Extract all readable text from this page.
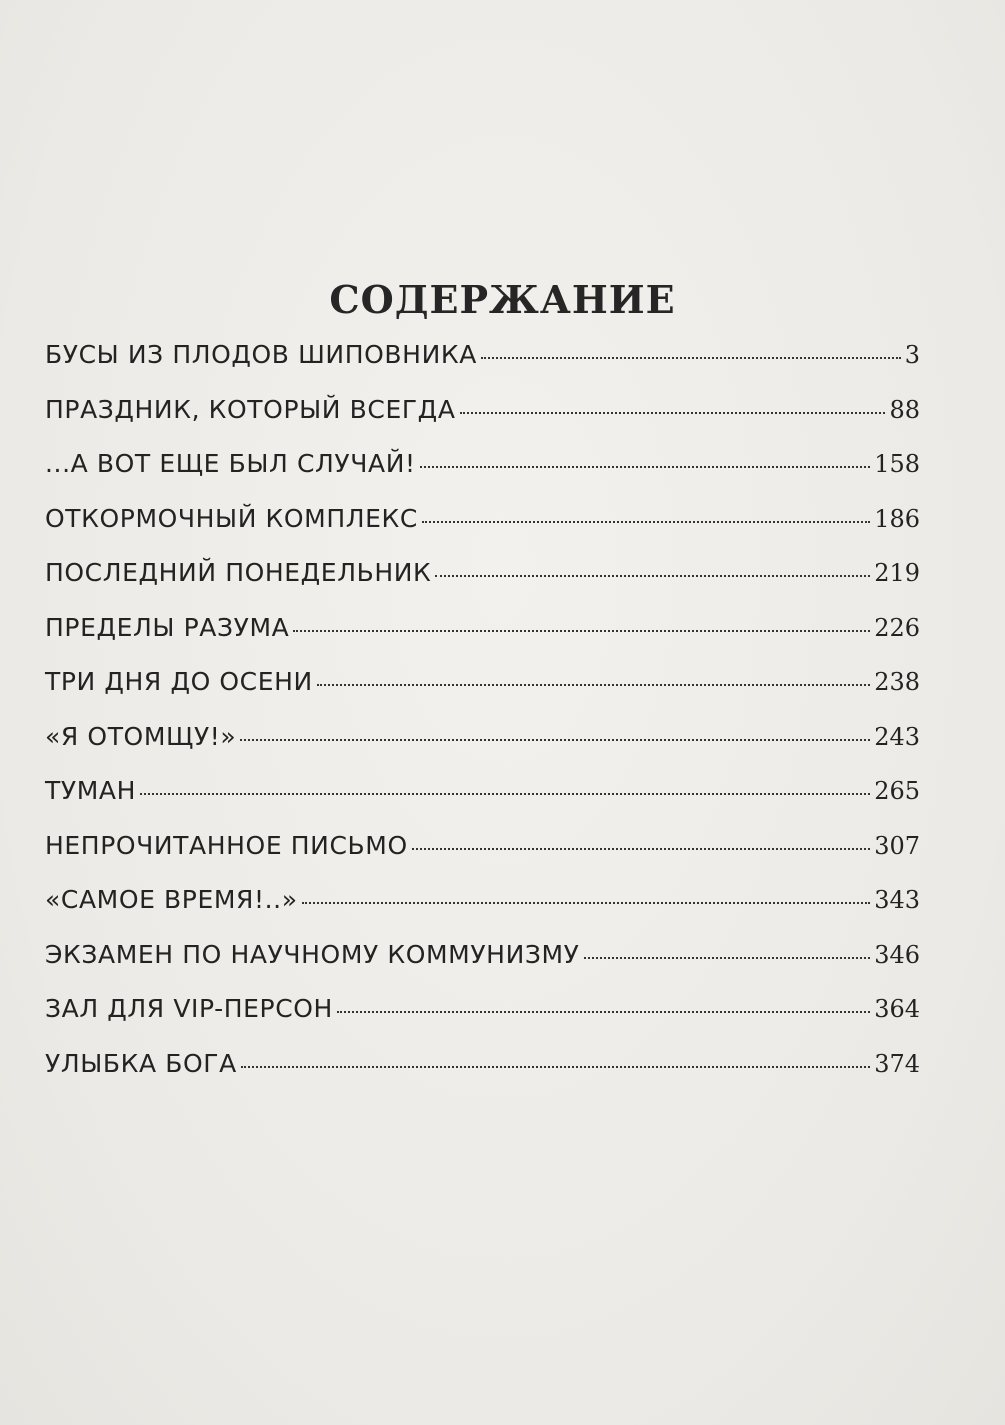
СОДЕРЖАНИЕ
БУСЫ ИЗ ПЛОДОВ ШИПОВНИКА	3
ПРАЗДНИК, КОТОРЫЙ ВСЕГДА	88
...А ВОТ ЕЩЕ БЫЛ СЛУЧАЙ!	158
ОТКОРМОЧНЫЙ КОМПЛЕКС	186
ПОСЛЕДНИЙ ПОНЕДЕЛЬНИК	219
ПРЕДЕЛЫ РАЗУМА	226
ТРИ ДНЯ ДО ОСЕНИ	238
«Я ОТОМЩУ!»	243
ТУМАН	265
НЕПРОЧИТАННОЕ ПИСЬМО	307
«САМОЕ ВРЕМЯ!..»	343
ЭКЗАМЕН ПО НАУЧНОМУ КОММУНИЗМУ	346
ЗАЛ ДЛЯ VIP-ПЕРСОН	364
УЛЫБКА БОГА	374
